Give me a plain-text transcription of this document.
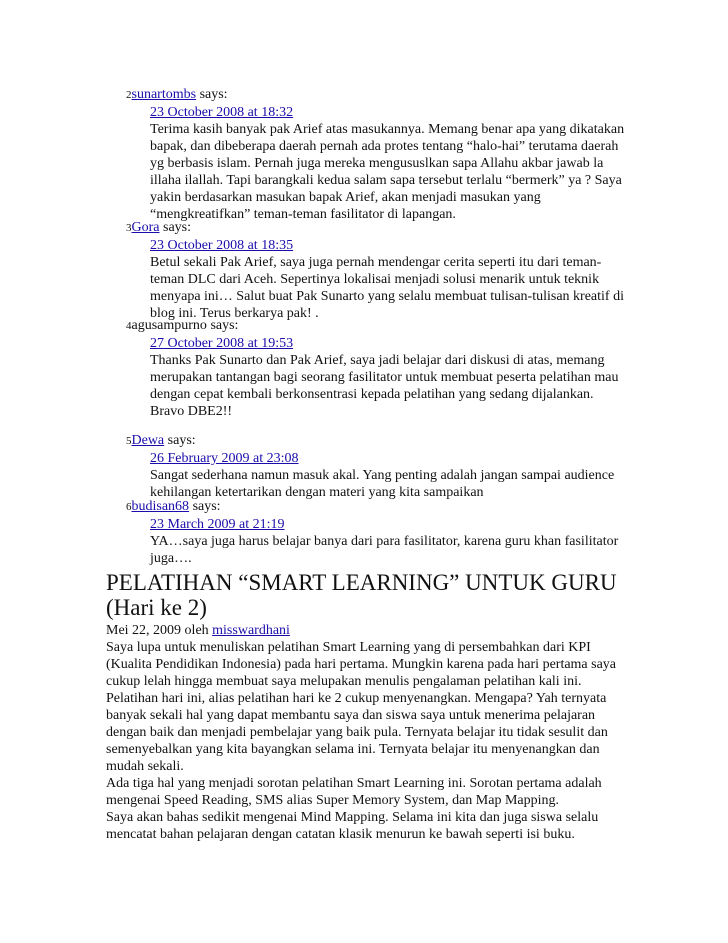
2sunartombs says:
23 October 2008 at 18:32

Terima kasih banyak pak Arief atas masukannya. Memang benar apa yang dikatakan bapak, dan dibeberapa daerah pernah ada protes tentang “halo-hai” terutama daerah yg berbasis islam. Pernah juga mereka mengususlkan sapa Allahu akbar jawab la illaha ilallah. Tapi barangkali kedua salam sapa tersebut terlalu “bermerk” ya ? Saya yakin berdasarkan masukan bapak Arief, akan menjadi masukan yang “mengkreatifkan” teman-teman fasilitator di lapangan.

3Gora says:
23 October 2008 at 18:35

Betul sekali Pak Arief, saya juga pernah mendengar cerita seperti itu dari teman-teman DLC dari Aceh. Sepertinya lokalisai menjadi solusi menarik untuk teknik menyapa ini… Salut buat Pak Sunarto yang selalu membuat tulisan-tulisan kreatif di blog ini. Terus berkarya pak! .

4agusampurno says:
27 October 2008 at 19:53

Thanks Pak Sunarto dan Pak Arief, saya jadi belajar dari diskusi di atas, memang merupakan tantangan bagi seorang fasilitator untuk membuat peserta pelatihan mau dengan cepat kembali berkonsentrasi kepada pelatihan yang sedang dijalankan.

Bravo DBE2!!

5Dewa says:
26 February 2009 at 23:08

Sangat sederhana namun masuk akal. Yang penting adalah jangan sampai audience kehilangan ketertarikan dengan materi yang kita sampaikan

6budisan68 says:
23 March 2009 at 21:19

YA…saya juga harus belajar banya dari para fasilitator, karena guru khan fasilitator juga….

PELATIHAN “SMART LEARNING” UNTUK GURU (Hari ke 2)
Mei 22, 2009 oleh misswardhani

Saya lupa untuk menuliskan pelatihan Smart Learning yang di persembahkan dari KPI (Kualita Pendidikan Indonesia) pada hari pertama. Mungkin karena pada hari pertama saya cukup lelah hingga membuat saya melupakan menulis pengalaman pelatihan kali ini.

Pelatihan hari ini, alias pelatihan hari ke 2 cukup menyenangkan. Mengapa? Yah ternyata banyak sekali hal yang dapat membantu saya dan siswa saya untuk menerima pelajaran dengan baik dan menjadi pembelajar yang baik pula. Ternyata belajar itu tidak sesulit dan semenyebalkan yang kita bayangkan selama ini. Ternyata belajar itu menyenangkan dan mudah sekali.

Ada tiga hal yang menjadi sorotan pelatihan Smart Learning ini. Sorotan pertama adalah mengenai Speed Reading, SMS alias Super Memory System, dan Map Mapping.

Saya akan bahas sedikit mengenai Mind Mapping. Selama ini kita dan juga siswa selalu mencatat bahan pelajaran dengan catatan klasik menurun ke bawah seperti isi buku.
